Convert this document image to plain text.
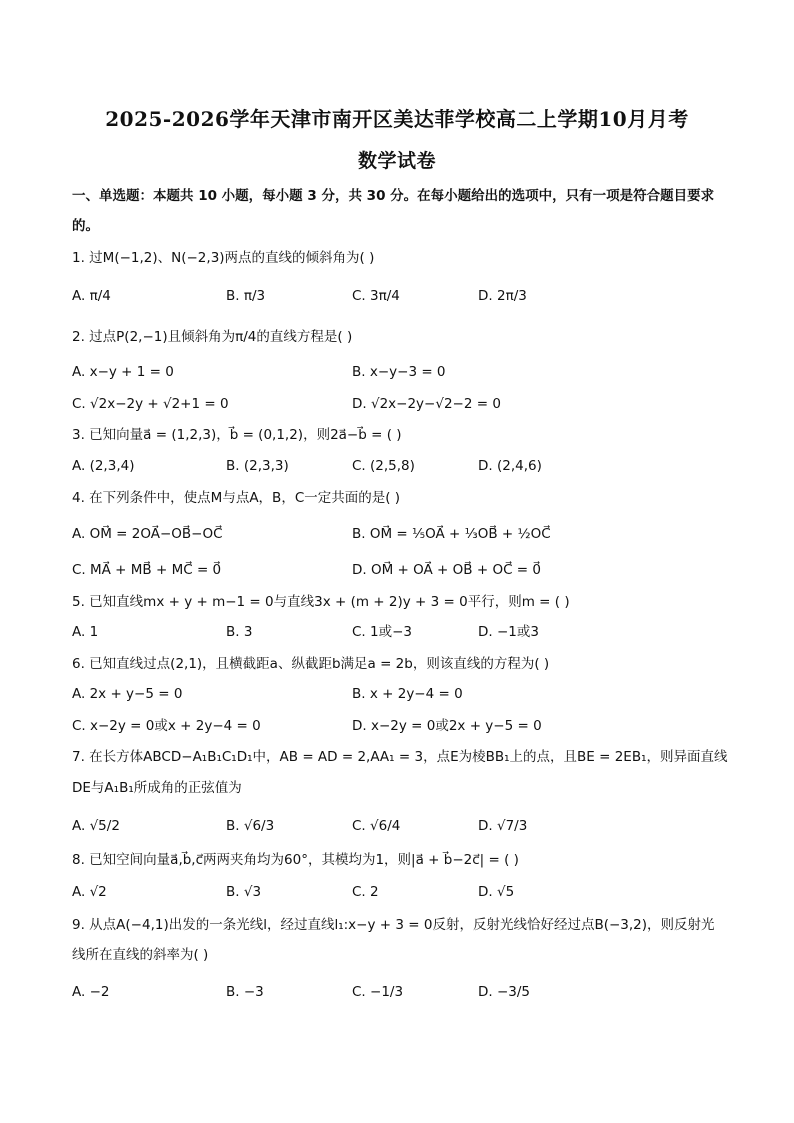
2025-2026学年天津市南开区美达菲学校高二上学期10月月考
数学试卷
一、单选题：本题共 10 小题，每小题 3 分，共 30 分。在每小题给出的选项中，只有一项是符合题目要求
的。
1. 过M(−1,2)、N(−2,3)两点的直线的倾斜角为( )
A. π/4	B. π/3	C. 3π/4	D. 2π/3
2. 过点P(2,−1)且倾斜角为π/4的直线方程是( )
A. x−y + 1 = 0	B. x−y−3 = 0
C. √2x−2y + √2+1 = 0	D. √2x−2y−√2−2 = 0
3. 已知向量a⃗ = (1,2,3)，b⃗ = (0,1,2)，则2a⃗−b⃗ = ( )
A. (2,3,4)	B. (2,3,3)	C. (2,5,8)	D. (2,4,6)
4. 在下列条件中，使点M与点A，B，C一定共面的是( )
A. OM⃗ = 2OA⃗−OB⃗−OC⃗	B. OM⃗ = ⅕OA⃗ + ⅓OB⃗ + ½OC⃗
C. MA⃗ + MB⃗ + MC⃗ = 0⃗	D. OM⃗ + OA⃗ + OB⃗ + OC⃗ = 0⃗
5. 已知直线mx + y + m−1 = 0与直线3x + (m + 2)y + 3 = 0平行，则m = ( )
A. 1	B. 3	C. 1或−3	D. −1或3
6. 已知直线过点(2,1)，且横截距a、纵截距b满足a = 2b，则该直线的方程为( )
A. 2x + y−5 = 0	B. x + 2y−4 = 0
C. x−2y = 0或x + 2y−4 = 0	D. x−2y = 0或2x + y−5 = 0
7. 在长方体ABCD−A₁B₁C₁D₁中，AB = AD = 2,AA₁ = 3，点E为棱BB₁上的点，且BE = 2EB₁，则异面直线
DE与A₁B₁所成角的正弦值为
A. √5/2	B. √6/3	C. √6/4	D. √7/3
8. 已知空间向量a⃗,b⃗,c⃗两两夹角均为60°，其模均为1，则|a⃗ + b⃗−2c⃗| = ( )
A. √2	B. √3	C. 2	D. √5
9. 从点A(−4,1)出发的一条光线l，经过直线l₁:x−y + 3 = 0反射，反射光线恰好经过点B(−3,2)，则反射光
线所在直线的斜率为( )
A. −2	B. −3	C. −1/3	D. −3/5
